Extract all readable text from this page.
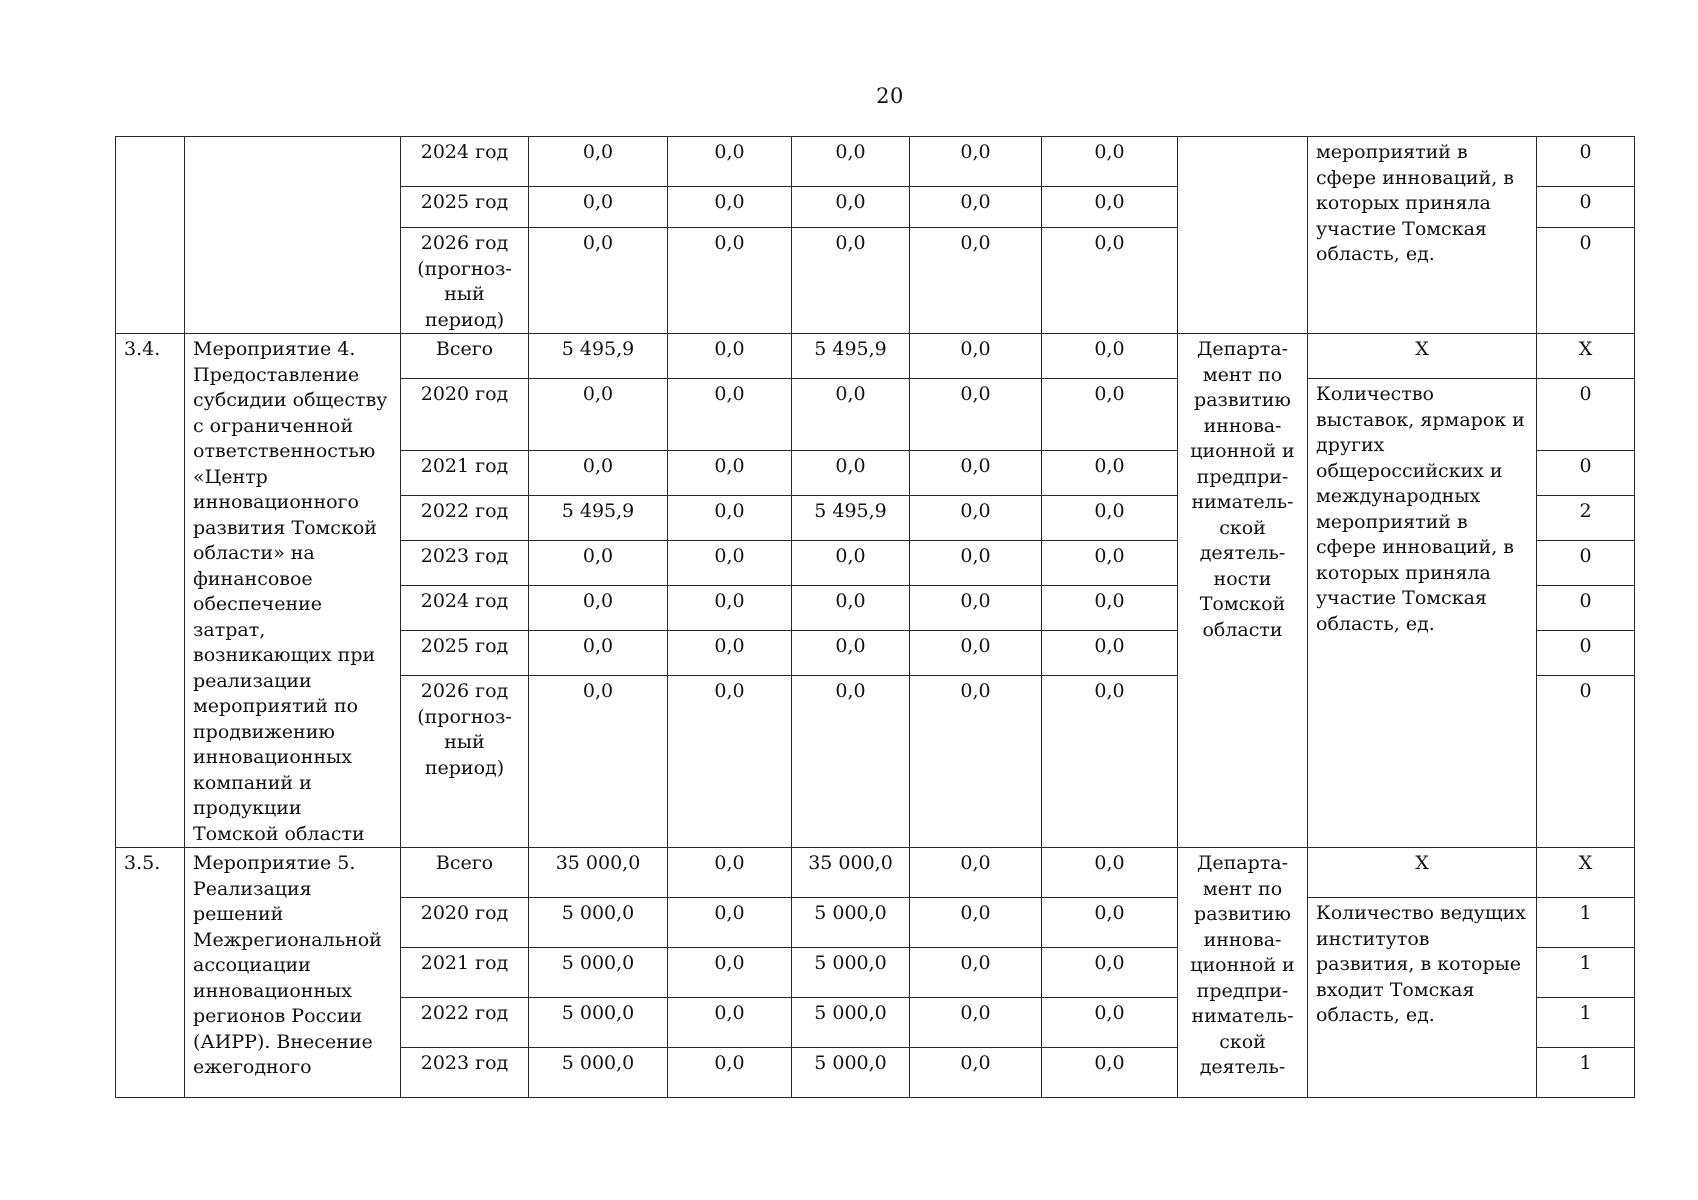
20
		2024 год	0,0	0,0	0,0	0,0	0,0		мероприятий в сфере инноваций, в которых приняла участие Томская область, ед.	0
		2025 год	0,0	0,0	0,0	0,0	0,0			0
		2026 год (прогноз-ный период)	0,0	0,0	0,0	0,0	0,0			0
3.4.	Мероприятие 4. Предоставление субсидии обществу с ограниченной ответственностью «Центр инновационного развития Томской области» на финансовое обеспечение затрат, возникающих при реализации мероприятий по продвижению инновационных компаний и продукции Томской области	Всего	5 495,9	0,0	5 495,9	0,0	0,0	Департа-мент по развитию иннова-ционной и предпри-ниматель-ской деятель-ности Томской области	Х	Х
		2020 год	0,0	0,0	0,0	0,0	0,0		Количество выставок, ярмарок и других общероссийских и международных мероприятий в сфере инноваций, в которых приняла участие Томская область, ед.	0
		2021 год	0,0	0,0	0,0	0,0	0,0			0
		2022 год	5 495,9	0,0	5 495,9	0,0	0,0			2
		2023 год	0,0	0,0	0,0	0,0	0,0			0
		2024 год	0,0	0,0	0,0	0,0	0,0			0
		2025 год	0,0	0,0	0,0	0,0	0,0			0
		2026 год (прогноз-ный период)	0,0	0,0	0,0	0,0	0,0			0
3.5.	Мероприятие 5. Реализация решений Межрегиональной ассоциации инновационных регионов России (АИРР). Внесение ежегодного	Всего	35 000,0	0,0	35 000,0	0,0	0,0	Департа-мент по развитию иннова-ционной и предпри-ниматель-ской деятель-	Х	Х
		2020 год	5 000,0	0,0	5 000,0	0,0	0,0		Количество ведущих институтов развития, в которые входит Томская область, ед.	1
		2021 год	5 000,0	0,0	5 000,0	0,0	0,0			1
		2022 год	5 000,0	0,0	5 000,0	0,0	0,0			1
		2023 год	5 000,0	0,0	5 000,0	0,0	0,0			1
